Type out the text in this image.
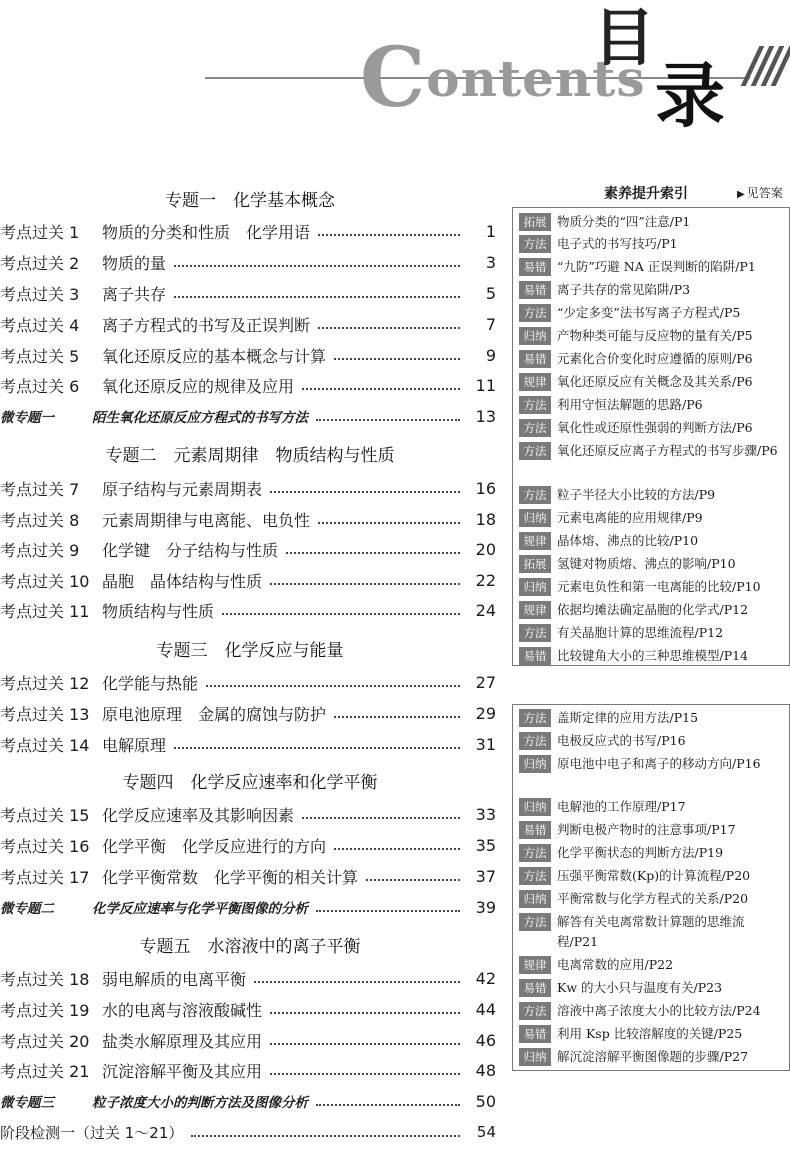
Contents
目
录
专题一　化学基本概念
考点过关 1	物质的分类和性质　化学用语	1
考点过关 2	物质的量	3
考点过关 3	离子共存	5
考点过关 4	离子方程式的书写及正误判断	7
考点过关 5	氧化还原反应的基本概念与计算	9
考点过关 6	氧化还原反应的规律及应用	11
微专题一	陌生氧化还原反应方程式的书写方法	13
专题二　元素周期律　物质结构与性质
考点过关 7	原子结构与元素周期表	16
考点过关 8	元素周期律与电离能、电负性	18
考点过关 9	化学键　分子结构与性质	20
考点过关 10 晶胞　晶体结构与性质	22
考点过关 11 物质结构与性质	24
专题三　化学反应与能量
考点过关 12 化学能与热能	27
考点过关 13 原电池原理　金属的腐蚀与防护	29
考点过关 14 电解原理	31
专题四　化学反应速率和化学平衡
考点过关 15 化学反应速率及其影响因素	33
考点过关 16 化学平衡　化学反应进行的方向	35
考点过关 17 化学平衡常数　化学平衡的相关计算	37
微专题二	化学反应速率与化学平衡图像的分析	39
专题五　水溶液中的离子平衡
考点过关 18 弱电解质的电离平衡	42
考点过关 19 水的电离与溶液酸碱性	44
考点过关 20 盐类水解原理及其应用	46
考点过关 21 沉淀溶解平衡及其应用	48
微专题三	粒子浓度大小的判断方法及图像分析	50
阶段检测一（过关 1～21）	54
素养提升索引	▶ 见答案
拓展 物质分类的“四”注意/P1
方法 电子式的书写技巧/P1
易错 “九防”巧避 NA 正误判断的陷阱/P1
易错 离子共存的常见陷阱/P3
方法 “少定多变”法书写离子方程式/P5
归纳 产物种类可能与反应物的量有关/P5
易错 元素化合价变化时应遵循的原则/P6
规律 氧化还原反应有关概念及其关系/P6
方法 利用守恒法解题的思路/P6
方法 氧化性或还原性强弱的判断方法/P6
方法 氧化还原反应离子方程式的书写步骤/P6
方法 粒子半径大小比较的方法/P9
归纳 元素电离能的应用规律/P9
规律 晶体熔、沸点的比较/P10
拓展 氢键对物质熔、沸点的影响/P10
归纳 元素电负性和第一电离能的比较/P10
规律 依据均摊法确定晶胞的化学式/P12
方法 有关晶胞计算的思维流程/P12
易错 比较键角大小的三种思维模型/P14
方法 盖斯定律的应用方法/P15
方法 电极反应式的书写/P16
归纳 原电池中电子和离子的移动方向/P16
归纳 电解池的工作原理/P17
易错 判断电极产物时的注意事项/P17
方法 化学平衡状态的判断方法/P19
方法 压强平衡常数(Kp)的计算流程/P20
归纳 平衡常数与化学方程式的关系/P20
方法 解答有关电离常数计算题的思维流程/P21
规律 电离常数的应用/P22
易错 Kw 的大小只与温度有关/P23
方法 溶液中离子浓度大小的比较方法/P24
易错 利用 Ksp 比较溶解度的关键/P25
归纳 解沉淀溶解平衡图像题的步骤/P27
